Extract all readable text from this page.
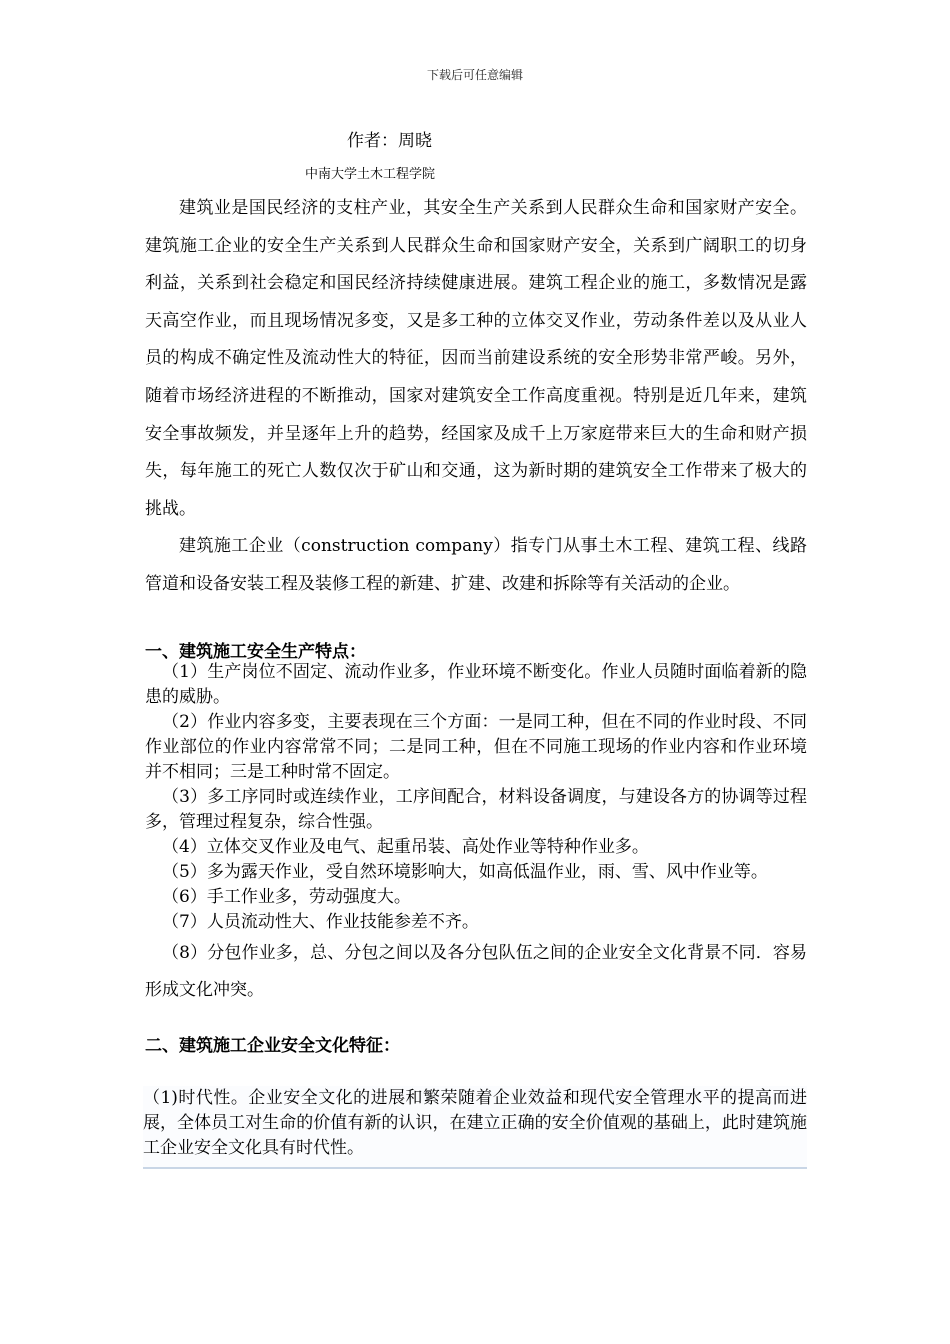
下载后可任意编辑
作者：周晓
中南大学土木工程学院

建筑业是国民经济的支柱产业，其安全生产关系到人民群众生命和国家财产安全。建筑施工企业的安全生产关系到人民群众生命和国家财产安全，关系到广阔职工的切身利益，关系到社会稳定和国民经济持续健康进展。建筑工程企业的施工，多数情况是露天高空作业，而且现场情况多变，又是多工种的立体交叉作业，劳动条件差以及从业人员的构成不确定性及流动性大的特征，因而当前建设系统的安全形势非常严峻。另外，随着市场经济进程的不断推动，国家对建筑安全工作高度重视。特别是近几年来，建筑安全事故频发，并呈逐年上升的趋势，经国家及成千上万家庭带来巨大的生命和财产损失，每年施工的死亡人数仅次于矿山和交通，这为新时期的建筑安全工作带来了极大的挑战。

建筑施工企业（construction company）指专门从事土木工程、建筑工程、线路管道和设备安装工程及装修工程的新建、扩建、改建和拆除等有关活动的企业。

一、建筑施工安全生产特点：

（1）生产岗位不固定、流动作业多，作业环境不断变化。作业人员随时面临着新的隐患的威胁。

（2）作业内容多变，主要表现在三个方面：一是同工种，但在不同的作业时段、不同作业部位的作业内容常常不同；二是同工种，但在不同施工现场的作业内容和作业环境并不相同；三是工种时常不固定。

（3）多工序同时或连续作业，工序间配合，材料设备调度，与建设各方的协调等过程多，管理过程复杂，综合性强。

（4）立体交叉作业及电气、起重吊装、高处作业等特种作业多。

（5）多为露天作业，受自然环境影响大，如高低温作业，雨、雪、风中作业等。

（6）手工作业多，劳动强度大。

（7）人员流动性大、作业技能参差不齐。

（8）分包作业多，总、分包之间以及各分包队伍之间的企业安全文化背景不同．容易形成文化冲突。

二、建筑施工企业安全文化特征：

（1)时代性。企业安全文化的进展和繁荣随着企业效益和现代安全管理水平的提高而进展，全体员工对生命的价值有新的认识，在建立正确的安全价值观的基础上，此时建筑施工企业安全文化具有时代性。
